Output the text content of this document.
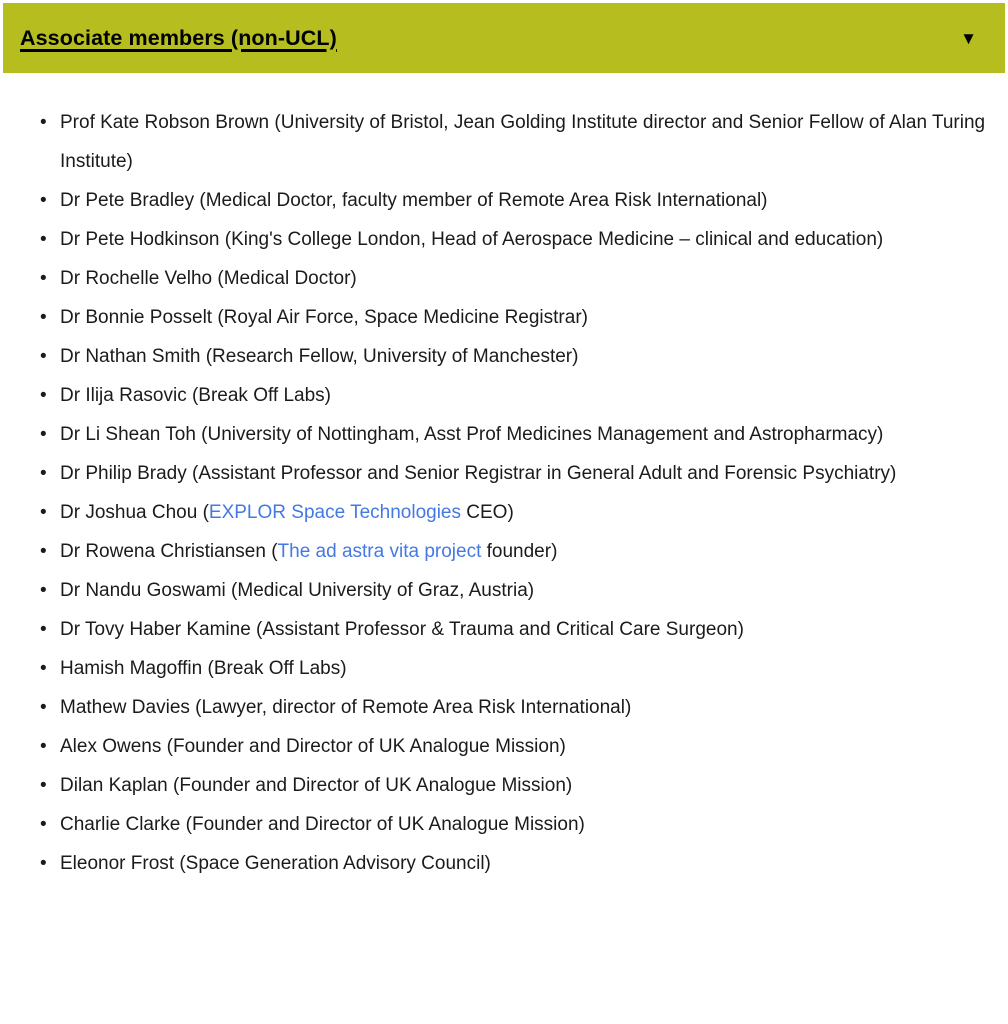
Associate members (non-UCL)	▼
• Prof Kate Robson Brown (University of Bristol, Jean Golding Institute director and Senior Fellow of Alan Turing Institute)
• Dr Pete Bradley (Medical Doctor, faculty member of Remote Area Risk International)
• Dr Pete Hodkinson (King's College London, Head of Aerospace Medicine – clinical and education)
• Dr Rochelle Velho (Medical Doctor)
• Dr Bonnie Posselt (Royal Air Force, Space Medicine Registrar)
• Dr Nathan Smith (Research Fellow, University of Manchester)
• Dr Ilija Rasovic (Break Off Labs)
• Dr Li Shean Toh (University of Nottingham, Asst Prof Medicines Management and Astropharmacy)
• Dr Philip Brady (Assistant Professor and Senior Registrar in General Adult and Forensic Psychiatry)
• Dr Joshua Chou (EXPLOR Space Technologies CEO)
• Dr Rowena Christiansen (The ad astra vita project founder)
• Dr Nandu Goswami (Medical University of Graz, Austria)
• Dr Tovy Haber Kamine (Assistant Professor & Trauma and Critical Care Surgeon)
• Hamish Magoffin (Break Off Labs)
• Mathew Davies (Lawyer, director of Remote Area Risk International)
• Alex Owens (Founder and Director of UK Analogue Mission)
• Dilan Kaplan (Founder and Director of UK Analogue Mission)
• Charlie Clarke (Founder and Director of UK Analogue Mission)
• Eleonor Frost (Space Generation Advisory Council)
